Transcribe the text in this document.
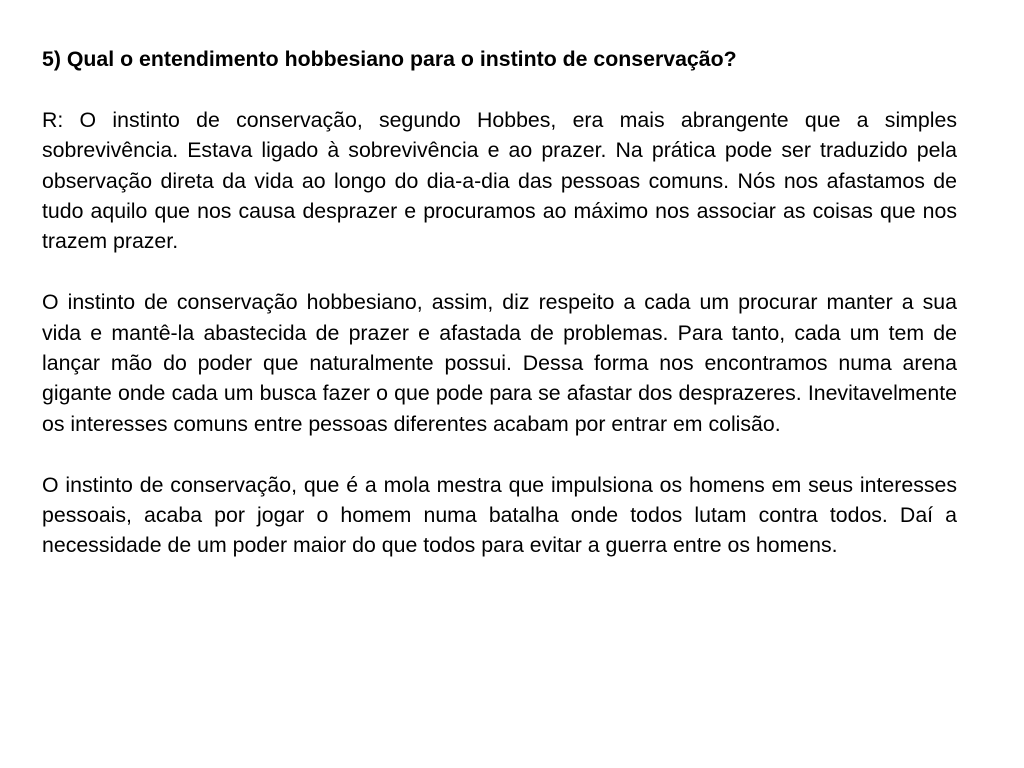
5) Qual o entendimento hobbesiano para o instinto de conservação?
R: O instinto de conservação, segundo Hobbes, era mais abrangente que a simples sobrevivência. Estava ligado à sobrevivência e ao prazer. Na prática pode ser traduzido pela observação direta da vida ao longo do dia-a-dia das pessoas comuns. Nós nos afastamos de tudo aquilo que nos causa desprazer e procuramos ao máximo nos associar as coisas que nos trazem prazer.
O instinto de conservação hobbesiano, assim, diz respeito a cada um procurar manter a sua vida e mantê-la abastecida de prazer e afastada de problemas. Para tanto, cada um tem de lançar mão do poder que naturalmente possui. Dessa forma nos encontramos numa arena gigante onde cada um busca fazer o que pode para se afastar dos desprazeres. Inevitavelmente os interesses comuns entre pessoas diferentes acabam por entrar em colisão.
O instinto de conservação, que é a mola mestra que impulsiona os homens em seus interesses pessoais, acaba por jogar o homem numa batalha onde todos lutam contra todos. Daí a necessidade de um poder maior do que todos para evitar a guerra entre os homens.
